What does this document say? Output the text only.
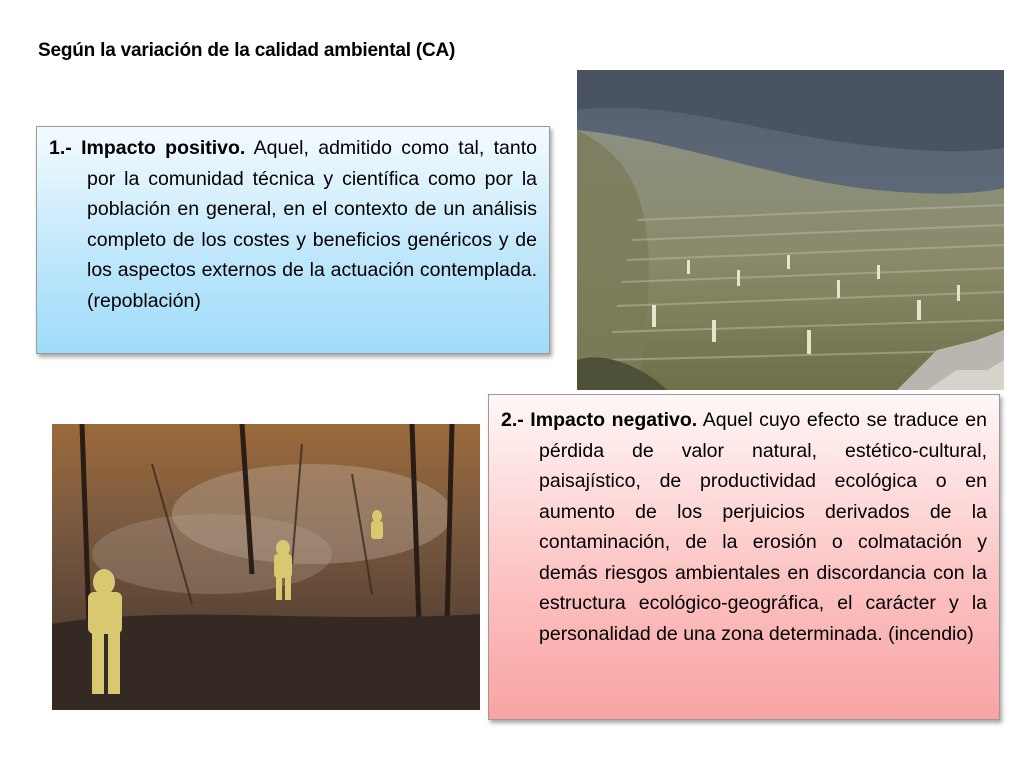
Según la variación de la calidad ambiental (CA)

1.- Impacto positivo. Aquel, admitido como tal, tanto por la comunidad técnica y científica como por la población en general, en el contexto de un análisis completo de los costes y beneficios genéricos y de los aspectos externos de la actuación contemplada. (repoblación)

2.- Impacto negativo. Aquel cuyo efecto se traduce en pérdida de valor natural, estético-cultural, paisajístico, de productividad ecológica o en aumento de los perjuicios derivados de la contaminación, de la erosión o colmatación y demás riesgos ambientales en discordancia con la estructura ecológico-geográfica, el carácter y la personalidad de una zona determinada. (incendio)
